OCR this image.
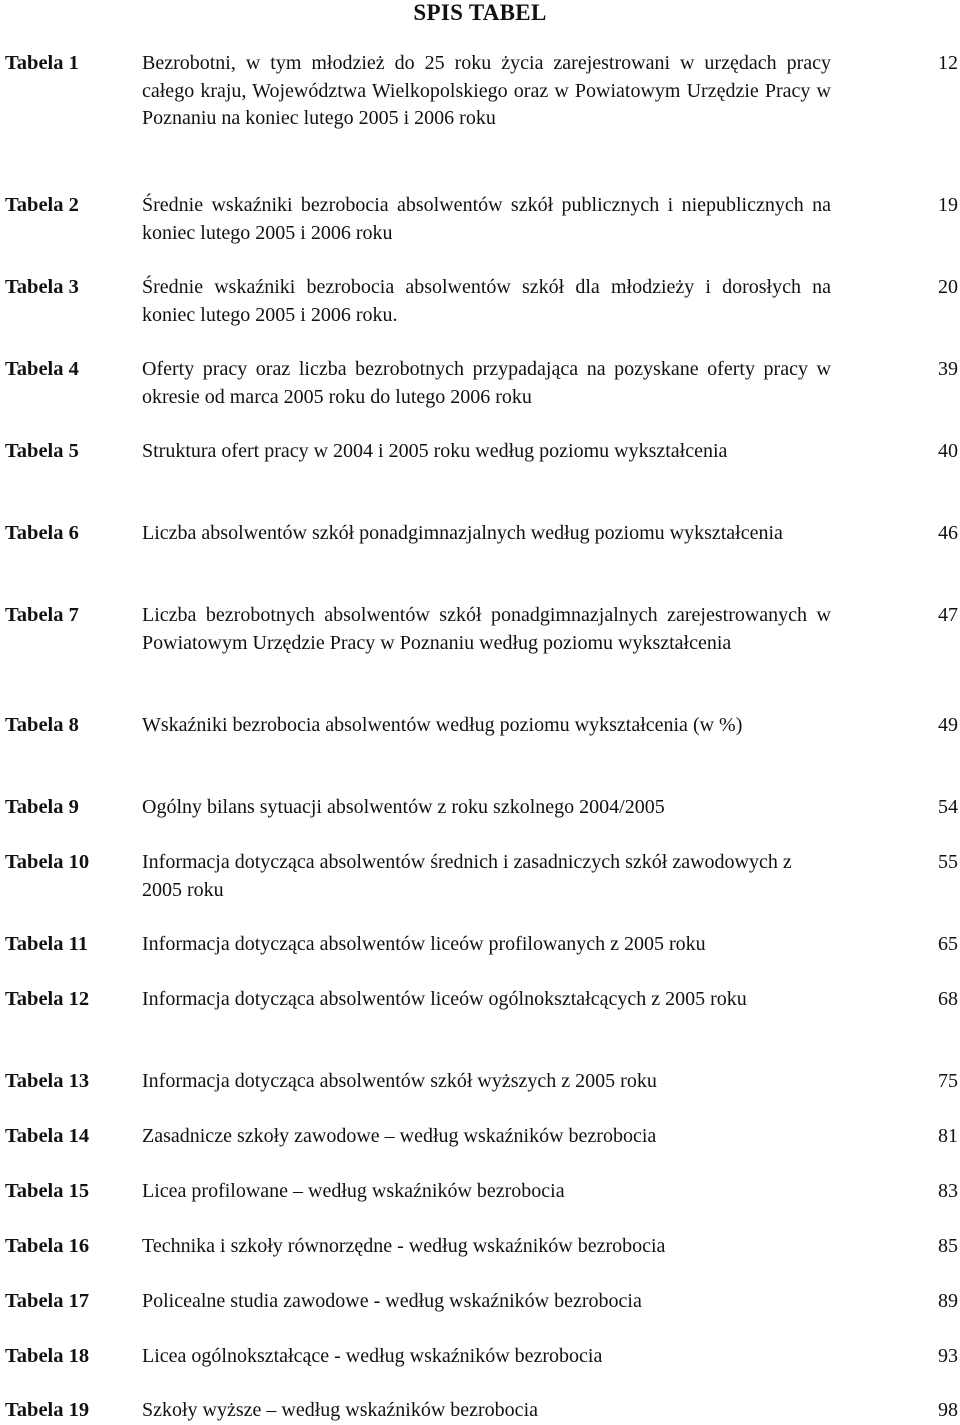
SPIS TABEL
Tabela 1	Bezrobotni, w tym młodzież do 25 roku życia zarejestrowani w urzędach pracy całego kraju, Województwa Wielkopolskiego oraz w Powiatowym Urzędzie Pracy w Poznaniu na koniec lutego 2005 i 2006 roku
12
Tabela 2	Średnie wskaźniki bezrobocia absolwentów szkół publicznych i niepublicznych na koniec lutego 2005 i 2006 roku
19
Tabela 3	Średnie wskaźniki bezrobocia absolwentów szkół dla młodzieży i dorosłych na koniec lutego 2005 i 2006 roku.
20
Tabela 4	Oferty pracy oraz liczba bezrobotnych przypadająca na pozyskane oferty pracy w okresie od marca 2005 roku do lutego 2006 roku
39
Tabela 5	Struktura ofert pracy w 2004 i 2005 roku według poziomu wykształcenia	40
Tabela 6	Liczba absolwentów szkół ponadgimnazjalnych według poziomu wykształcenia	46
Tabela 7	Liczba bezrobotnych absolwentów szkół ponadgimnazjalnych zarejestrowanych w Powiatowym Urzędzie Pracy w Poznaniu według poziomu wykształcenia
47
Tabela 8	Wskaźniki bezrobocia absolwentów według poziomu wykształcenia (w %)	49
Tabela 9	Ogólny bilans sytuacji absolwentów z roku szkolnego 2004/2005	54
Tabela 10	Informacja dotycząca absolwentów średnich i zasadniczych szkół zawodowych z 2005 roku
55
Tabela 11	Informacja dotycząca absolwentów liceów profilowanych z 2005 roku	65
Tabela 12	Informacja dotycząca absolwentów liceów ogólnokształcących z 2005 roku	68
Tabela 13	Informacja dotycząca absolwentów szkół wyższych z 2005 roku	75
Tabela 14	Zasadnicze szkoły zawodowe – według wskaźników bezrobocia	81
Tabela 15	Licea profilowane – według wskaźników bezrobocia	83
Tabela 16	Technika i szkoły równorzędne - według wskaźników bezrobocia	85
Tabela 17	Policealne studia zawodowe - według wskaźników bezrobocia	89
Tabela 18	Licea ogólnokształcące - według wskaźników bezrobocia	93
Tabela 19	Szkoły wyższe – według wskaźników bezrobocia	98
